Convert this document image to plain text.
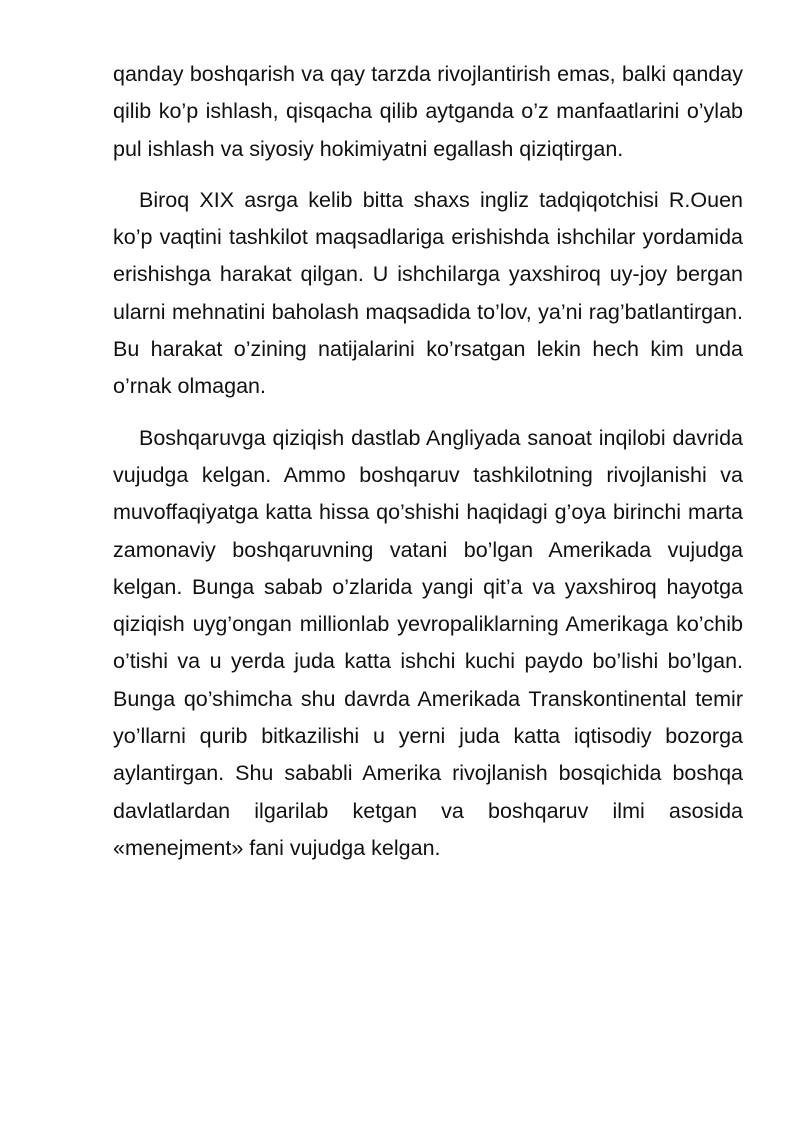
qanday boshqarish va qay tarzda rivojlantirish emas, balki qanday qilib ko’p ishlash, qisqacha qilib aytganda o’z manfaatlarini o’ylab pul ishlash va siyosiy hokimiyatni egallash qiziqtirgan.

Biroq XIX asrga kelib bitta shaxs ingliz tadqiqotchisi R.Ouen ko’p vaqtini tashkilot maqsadlariga erishishda ishchilar yordamida erishishga harakat qilgan. U ishchilarga yaxshiroq uy-joy bergan ularni mehnatini baholash maqsadida to’lov, ya’ni rag’batlantirgan. Bu harakat o’zining natijalarini ko’rsatgan lekin hech kim unda o’rnak olmagan.

Boshqaruvga qiziqish dastlab Angliyada sanoat inqilobi davrida vujudga kelgan. Ammo boshqaruv tashkilotning rivojlanishi va muvoffaqiyatga katta hissa qo’shishi haqidagi g’oya birinchi marta zamonaviy boshqaruvning vatani bo’lgan Amerikada vujudga kelgan. Bunga sabab o’zlarida yangi qit’a va yaxshiroq hayotga qiziqish uyg’ongan millionlab yevropaliklarning Amerikaga ko’chib o’tishi va u yerda juda katta ishchi kuchi paydo bo’lishi bo’lgan. Bunga qo’shimcha shu davrda Amerikada Transkontinental temir yo’llarni qurib bitkazilishi u yerni juda katta iqtisodiy bozorga aylantirgan. Shu sababli Amerika rivojlanish bosqichida boshqa davlatlardan ilgarilab ketgan va boshqaruv ilmi asosida «menejment» fani vujudga kelgan.
